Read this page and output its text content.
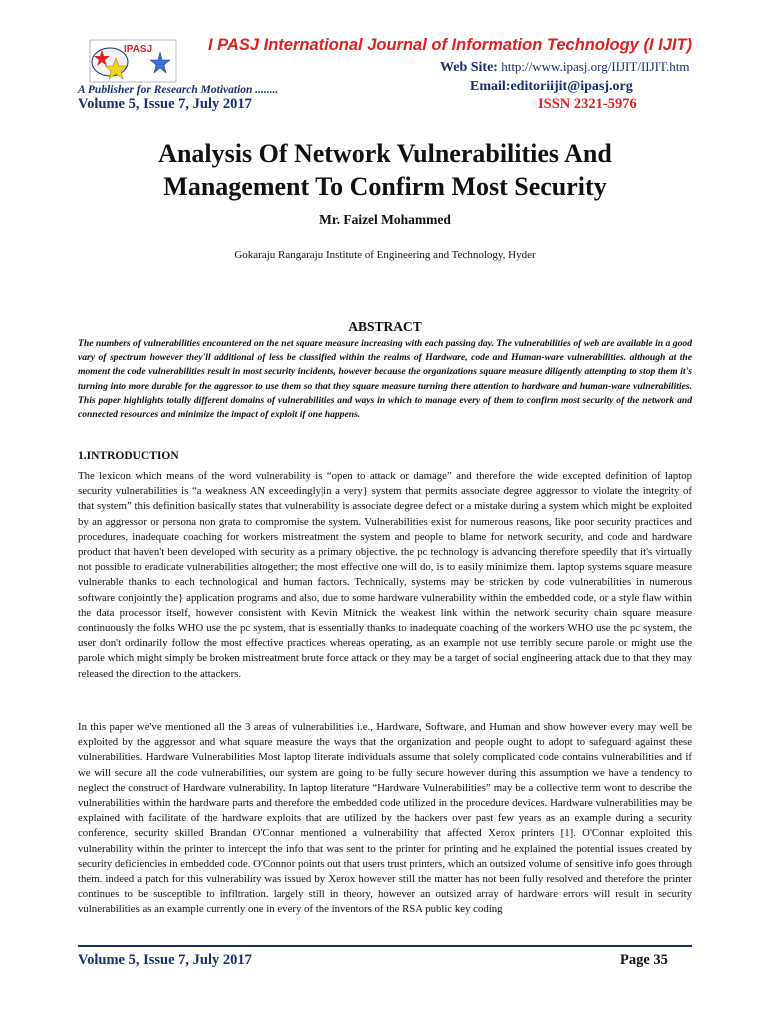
I PASJ International Journal of Information Technology (I IJIT)
IPASJ
Web Site: http://www.ipasj.org/IIJIT/IIJIT.htm
A Publisher for Research Motivation ........	Email:editoriijit@ipasj.org
Volume 5, Issue 7, July 2017	ISSN 2321-5976
Analysis Of Network Vulnerabilities And
Management To Confirm Most Security
Mr. Faizel Mohammed
Gokaraju Rangaraju Institute of Engineering and Technology, Hyder
ABSTRACT
The numbers of vulnerabilities encountered on the net square measure increasing with each passing day. The vulnerabilities of web are available in a good vary of spectrum however they'll additional of less be classified within the realms of Hardware, code and Human-ware vulnerabilities. although at the moment the code vulnerabilities result in most security incidents, however because the organizations square measure diligently attempting to stop them it's turning into more durable for the aggressor to use them so that they square measure turning there attention to hardware and human-ware vulnerabilities. This paper highlights totally different domains of vulnerabilities and ways in which to manage every of them to confirm most security of the network and connected resources and minimize the impact of exploit if one happens.
1.INTRODUCTION
The lexicon which means of the word vulnerability is “open to attack or damage” and therefore the wide excepted definition of laptop security vulnerabilities is “a weakness AN exceedingly|in a very} system that permits associate degree aggressor to violate the integrity of that system” this definition basically states that vulnerability is associate degree defect or a mistake during a system which might be exploited by an aggressor or persona non grata to compromise the system. Vulnerabilities exist for numerous reasons, like poor security practices and procedures, inadequate coaching for workers mistreatment the system and people to blame for network security, and code and hardware product that haven't been developed with security as a primary objective. the pc technology is advancing therefore speedily that it's virtually not possible to eradicate vulnerabilities altogether; the most effective one will do, is to easily minimize them. laptop systems square measure vulnerable thanks to each technological and human factors. Technically, systems may be stricken by code vulnerabilities in numerous software conjointly the} application programs and also, due to some hardware vulnerability within the embedded code, or a style flaw within the data processor itself, however consistent with Kevin Mitnick the weakest link within the network security chain square measure continuously the folks WHO use the pc system, that is essentially thanks to inadequate coaching of the workers WHO use the pc system, the user don't ordinarily follow the most effective practices whereas operating, as an example not use terribly secure parole or might use the parole which might simply be broken mistreatment brute force attack or they may be a target of social engineering attack due to that they may released the direction to the attackers.
In this paper we've mentioned all the 3 areas of vulnerabilities i.e., Hardware, Software, and Human and show however every may well be exploited by the aggressor and what square measure the ways that the organization and people ought to adopt to safeguard against these vulnerabilities. Hardware Vulnerabilities Most laptop literate individuals assume that solely complicated code contains vulnerabilities and if we will secure all the code vulnerabilities, our system are going to be fully secure however during this assumption we have a tendency to neglect the construct of Hardware vulnerability. In laptop literature “Hardware Vulnerabilities” may be a collective term wont to describe the vulnerabilities within the hardware parts and therefore the embedded code utilized in the procedure devices. Hardware vulnerabilities may be explained with facilitate of the hardware exploits that are utilized by the hackers over past few years as an example during a security conference, security skilled Brandan O'Connar mentioned a vulnerability that affected Xerox printers [1]. O'Connar exploited this vulnerability within the printer to intercept the info that was sent to the printer for printing and he explained the potential issues created by security deficiencies in embedded code. O'Connor points out that users trust printers, which an outsized volume of sensitive info goes through them. indeed a patch for this vulnerability was issued by Xerox however still the matter has not been fully resolved and therefore the printer continues to be susceptible to infiltration. largely still in theory, however an outsized array of hardware errors will result in security vulnerabilities as an example currently one in every of the inventors of the RSA public key coding
Volume 5, Issue 7, July 2017	Page 35
